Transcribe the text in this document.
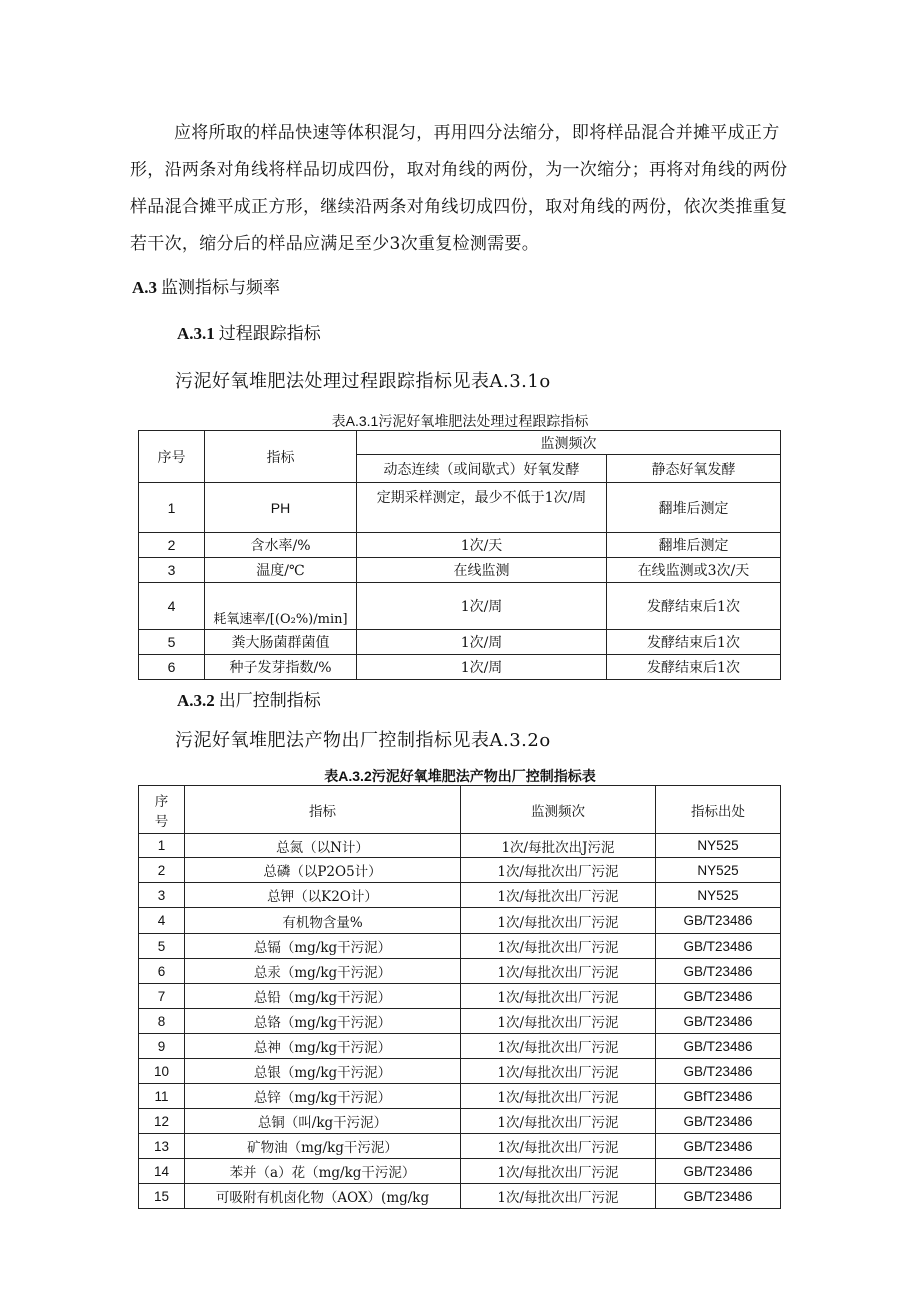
应将所取的样品快速等体积混匀，再用四分法缩分，即将样品混合并摊平成正方形，沿两条对角线将样品切成四份，取对角线的两份，为一次缩分；再将对角线的两份样品混合摊平成正方形，继续沿两条对角线切成四份，取对角线的两份，依次类推重复若干次，缩分后的样品应满足至少3次重复检测需要。

A.3 监测指标与频率

A.3.1 过程跟踪指标

污泥好氧堆肥法处理过程跟踪指标见表A.3.1o

表A.3.1污泥好氧堆肥法处理过程跟踪指标

序号	指标	监测频次	
		动态连续（或间歇式）好氧发酵	静态好氧发酵
1	PH	定期采样测定，最少不低于1次/周	翻堆后测定
2	含水率/%	1次/天	翻堆后测定
3	温度/℃	在线监测	在线监测或3次/天
4	耗氧速率/[(O₂%)/min]	1次/周	发酵结束后1次
5	粪大肠菌群菌值	1次/周	发酵结束后1次
6	种子发芽指数/%	1次/周	发酵结束后1次

A.3.2 出厂控制指标

污泥好氧堆肥法产物出厂控制指标见表A.3.2o

表A.3.2污泥好氧堆肥法产物出厂控制指标表

序
号	指标	监测频次	指标出处
1	总氮（以N计）	1次/每批次出J污泥	NY525
2	总磷（以P2O5计）	1次/每批次出厂污泥	NY525
3	总钾（以K2O计）	1次/每批次出厂污泥	NY525
4	有机物含量%	1次/每批次出厂污泥	GB/T23486
5	总镉（mg/kg干污泥）	1次/每批次出厂污泥	GB/T23486
6	总汞（mg/kg干污泥）	1次/每批次出厂污泥	GB/T23486
7	总铅（mg/kg干污泥）	1次/每批次出厂污泥	GB/T23486
8	总铬（mg/kg干污泥）	1次/每批次出厂污泥	GB/T23486
9	总神（mg/kg干污泥）	1次/每批次出厂污泥	GB/T23486
10	总银（mg/kg干污泥）	1次/每批次出厂污泥	GB/T23486
11	总锌（mg/kg干污泥）	1次/每批次出厂污泥	GBfT23486
12	总铜（叫/kg干污泥）	1次/每批次出厂污泥	GB/T23486
13	矿物油（mg/kg干污泥）	1次/每批次出厂污泥	GB/T23486
14	苯并（a）花（mg/kg干污泥）	1次/每批次出厂污泥	GB/T23486
15	可吸附有机卤化物（AOX）(mg/kg	1次/每批次出厂污泥	GB/T23486
